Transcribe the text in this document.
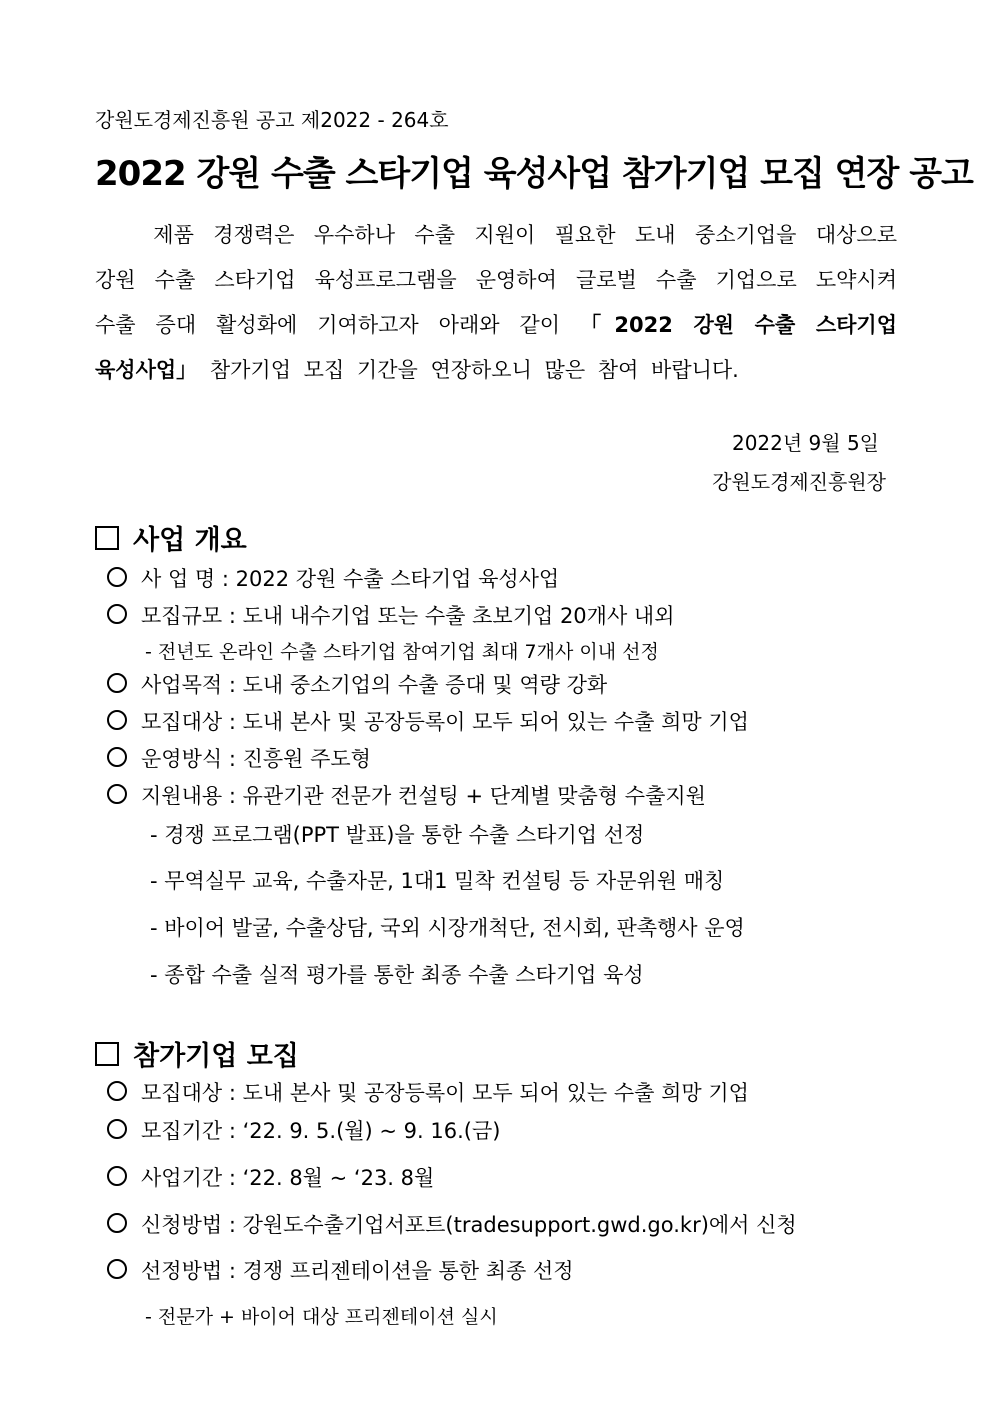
강원도경제진흥원 공고 제2022 - 264호
2022 강원 수출 스타기업 육성사업 참가기업 모집 연장 공고
제품 경쟁력은 우수하나 수출 지원이 필요한 도내 중소기업을 대상으로
강원 수출 스타기업 육성프로그램을 운영하여 글로벌 수출 기업으로 도약시켜
수출 증대 활성화에 기여하고자 아래와 같이 「2022 강원 수출 스타기업
육성사업」 참가기업 모집 기간을 연장하오니 많은 참여 바랍니다.
2022년 9월 5일
강원도경제진흥원장
사업 개요
사 업 명 : 2022 강원 수출 스타기업 육성사업
모집규모 : 도내 내수기업 또는 수출 초보기업 20개사 내외
- 전년도 온라인 수출 스타기업 참여기업 최대 7개사 이내 선정
사업목적 : 도내 중소기업의 수출 증대 및 역량 강화
모집대상 : 도내 본사 및 공장등록이 모두 되어 있는 수출 희망 기업
운영방식 : 진흥원 주도형
지원내용 : 유관기관 전문가 컨설팅 + 단계별 맞춤형 수출지원
- 경쟁 프로그램(PPT 발표)을 통한 수출 스타기업 선정
- 무역실무 교육, 수출자문, 1대1 밀착 컨설팅 등 자문위원 매칭
- 바이어 발굴, 수출상담, 국외 시장개척단, 전시회, 판촉행사 운영
- 종합 수출 실적 평가를 통한 최종 수출 스타기업 육성
참가기업 모집
모집대상 : 도내 본사 및 공장등록이 모두 되어 있는 수출 희망 기업
모집기간 : ‘22. 9. 5.(월) ~ 9. 16.(금)
사업기간 : ‘22. 8월 ~ ‘23. 8월
신청방법 : 강원도수출기업서포트(tradesupport.gwd.go.kr)에서 신청
선정방법 : 경쟁 프리젠테이션을 통한 최종 선정
- 전문가 + 바이어 대상 프리젠테이션 실시
